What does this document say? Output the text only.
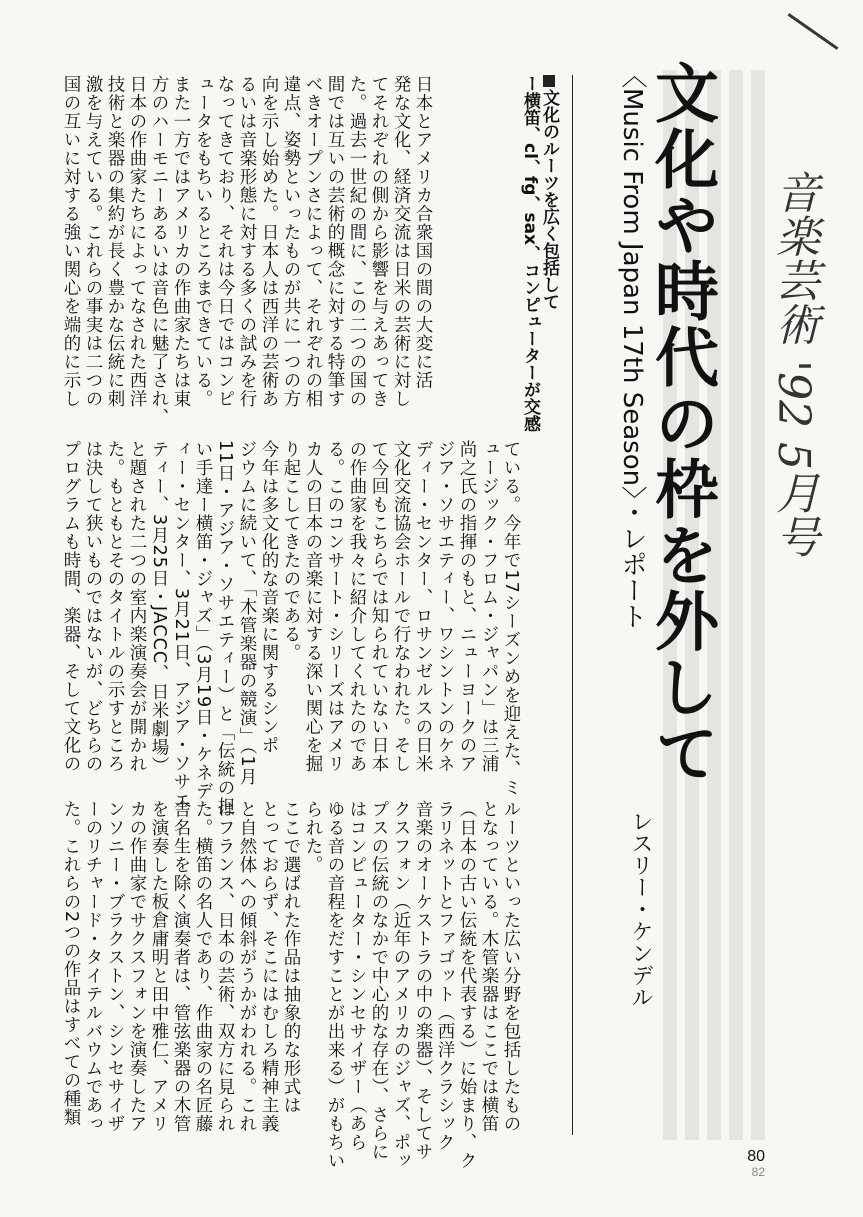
音楽芸術 '92 5月号
文化や時代の枠を外して
〈Music From Japan 17th Season〉・レポート
レスリー・ケンデル
文化のルーツを広く包括して
ー横笛、cl、fg、sax、コンピューターが交感
日本とアメリカ合衆国の間の大変に活
発な文化、経済交流は日米の芸術に対し
てそれぞれの側から影響を与えあってき
た。過去一世紀の間に、この二つの国の
間では互いの芸術的概念に対する特筆す
べきオープンさによって、それぞれの相
違点、姿勢といったものが共に一つの方
向を示し始めた。日本人は西洋の芸術あ
るいは音楽形態に対する多くの試みを行
なってきており、それは今日ではコンピ
ュータをもちいるところまできている。
また一方ではアメリカの作曲家たちは東
方のハーモニーあるいは音色に魅了され、
日本の作曲家たちによってなされた西洋
技術と楽器の集約が長く豊かな伝統に刺
激を与えている。これらの事実は二つの
国の互いに対する強い関心を端的に示し
ている。今年で17シーズンめを迎えた、ミ
ュージック・フロム・ジャパン」は三浦
尚之氏の指揮のもと、ニューヨークのア
ジア・ソサエティー、ワシントンのケネ
ディー・センター、ロサンゼルスの日米
文化交流協会ホールで行なわれた。そし
て今回もこちらでは知られていない日本
の作曲家を我々に紹介してくれたのであ
る。このコンサート・シリーズはアメリ
カ人の日本の音楽に対する深い関心を掘
り起こしてきたのである。
今年は多文化的な音楽に関するシンポ
ジウムに続いて、「木管楽器の競演」（1月
11日・アジア・ソサエティー）と「伝統の担
い手達ー横笛・ジャズ」（3月19日・ケネデ
ィー・センター、3月21日、アジア・ソサエ
ティー、3月25日・JACCC、日米劇場）
と題された二つの室内楽演奏会が開かれ
た。もともとそのタイトルの示すところ
は決して狭いものではないが、どちらの
プログラムも時間、楽器、そして文化の
ルーツといった広い分野を包括したもの
となっている。木管楽器はここでは横笛
（日本の古い伝統を代表する）に始まり、ク
ラリネットとファゴット（西洋クラシック
音楽のオーケストラの中の楽器）、そしてサ
クスフォン（近年のアメリカのジャズ、ポッ
プスの伝統のなかで中心的な存在）、さらに
はコンピューター・シンセサイザー（あら
ゆる音の音程をだすことが出来る）がもちい
られた。
ここで選ばれた作品は抽象的な形式は
とっておらず、そこにはむしろ精神主義
と自然体への傾斜がうかがわれる。これ
はフランス、日本の芸術、双方に見られ
た。横笛の名人であり、作曲家の名匠藤
舎名生を除く演奏者は、管弦楽器の木管
を演奏した板倉庸明と田中雅仁、アメリ
カの作曲家でサクスフォンを演奏したア
ンソニー・ブラクストン、シンセサイザ
ーのリチャード・タイテルバウムであっ
た。これらの2つの作品はすべての種類
80
82
